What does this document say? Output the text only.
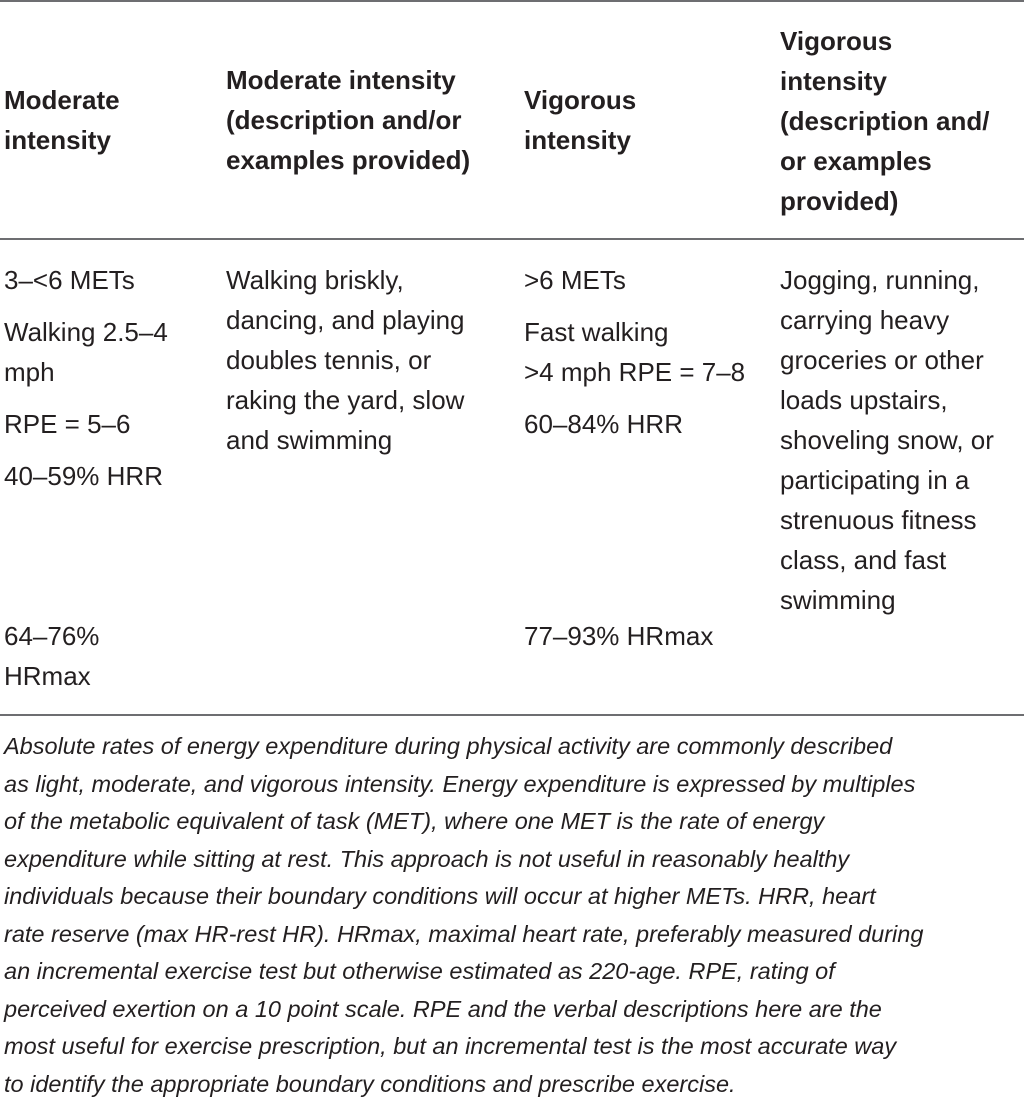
Moderate
intensity
Moderate intensity
(description and/or
examples provided)
Vigorous
intensity
Vigorous
intensity
(description and/
or examples
provided)
3–<6 METs
Walking 2.5–4
mph
RPE = 5–6
40–59% HRR
Walking briskly,
dancing, and playing
doubles tennis, or
raking the yard, slow
and swimming
>6 METs
Fast walking
>4 mph RPE = 7–8
60–84% HRR
Jogging, running,
carrying heavy
groceries or other
loads upstairs,
shoveling snow, or
participating in a
strenuous fitness
class, and fast
swimming
64–76%
HRmax
77–93% HRmax
Absolute rates of energy expenditure during physical activity are commonly described
as light, moderate, and vigorous intensity. Energy expenditure is expressed by multiples
of the metabolic equivalent of task (MET), where one MET is the rate of energy
expenditure while sitting at rest. This approach is not useful in reasonably healthy
individuals because their boundary conditions will occur at higher METs. HRR, heart
rate reserve (max HR-rest HR). HRmax, maximal heart rate, preferably measured during
an incremental exercise test but otherwise estimated as 220-age. RPE, rating of
perceived exertion on a 10 point scale. RPE and the verbal descriptions here are the
most useful for exercise prescription, but an incremental test is the most accurate way
to identify the appropriate boundary conditions and prescribe exercise.
